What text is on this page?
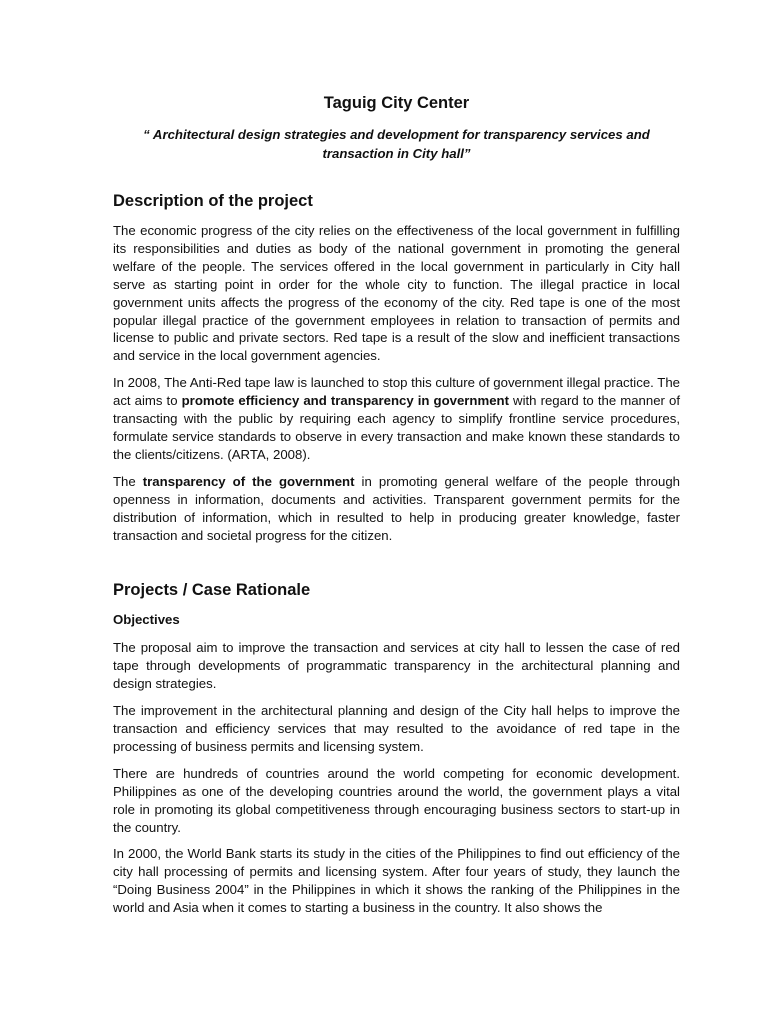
Taguig City Center
“ Architectural design strategies and development for transparency services and transaction in City hall”
Description of the project

The economic progress of the city relies on the effectiveness of the local government in fulfilling its responsibilities and duties as body of the national government in promoting the general welfare of the people. The services offered in the local government in particularly in City hall serve as starting point in order for the whole city to function. The illegal practice in local government units affects the progress of the economy of the city. Red tape is one of the most popular illegal practice of the government employees in relation to transaction of permits and license to public and private sectors. Red tape is a result of the slow and inefficient transactions and service in the local government agencies.

In 2008, The Anti-Red tape law is launched to stop this culture of government illegal practice. The act aims to promote efficiency and transparency in government with regard to the manner of transacting with the public by requiring each agency to simplify frontline service procedures, formulate service standards to observe in every transaction and make known these standards to the clients/citizens. (ARTA, 2008).

The transparency of the government in promoting general welfare of the people through openness in information, documents and activities. Transparent government permits for the distribution of information, which in resulted to help in producing greater knowledge, faster transaction and societal progress for the citizen.

Projects / Case Rationale
Objectives

The proposal aim to improve the transaction and services at city hall to lessen the case of red tape through developments of programmatic transparency in the architectural planning and design strategies.

The improvement in the architectural planning and design of the City hall helps to improve the transaction and efficiency services that may resulted to the avoidance of red tape in the processing of business permits and licensing system.

There are hundreds of countries around the world competing for economic development. Philippines as one of the developing countries around the world, the government plays a vital role in promoting its global competitiveness through encouraging business sectors to start-up in the country.

In 2000, the World Bank starts its study in the cities of the Philippines to find out efficiency of the city hall processing of permits and licensing system. After four years of study, they launch the “Doing Business 2004” in the Philippines in which it shows the ranking of the Philippines in the world and Asia when it comes to starting a business in the country. It also shows the
